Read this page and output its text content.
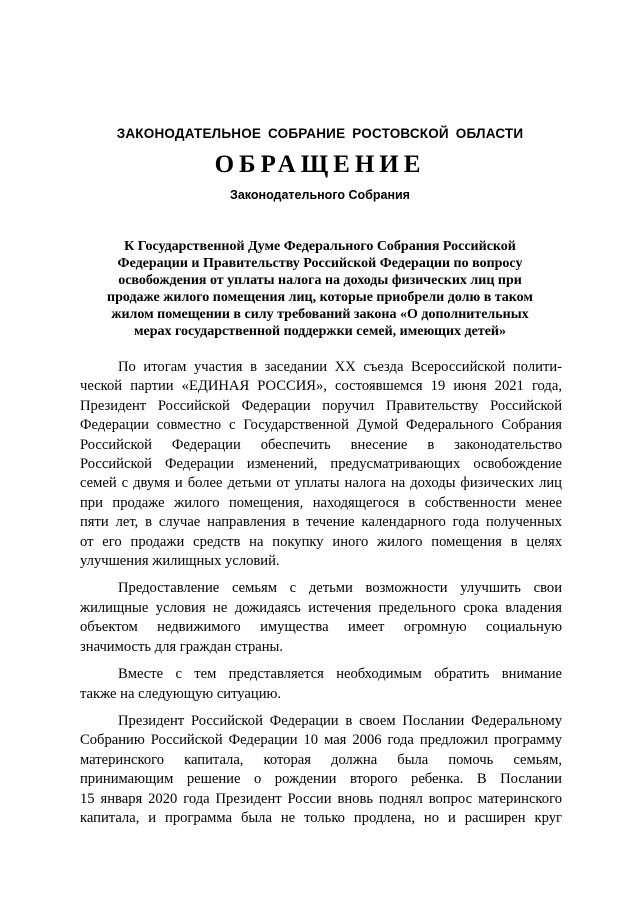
ЗАКОНОДАТЕЛЬНОЕ СОБРАНИЕ РОСТОВСКОЙ ОБЛАСТИ
ОБРАЩЕНИЕ
Законодательного Собрания
К Государственной Думе Федерального Собрания Российской
Федерации и Правительству Российской Федерации по вопросу
освобождения от уплаты налога на доходы физических лиц при
продаже жилого помещения лиц, которые приобрели долю в таком
жилом помещении в силу требований закона «О дополнительных
мерах государственной поддержки семей, имеющих детей»
По итогам участия в заседании XX съезда Всероссийской полити-
ческой партии «ЕДИНАЯ РОССИЯ», состоявшемся 19 июня 2021 года,
Президент Российской Федерации поручил Правительству Российской
Федерации совместно с Государственной Думой Федерального Собрания
Российской Федерации обеспечить внесение в законодательство
Российской Федерации изменений, предусматривающих освобождение
семей с двумя и более детьми от уплаты налога на доходы физических лиц
при продаже жилого помещения, находящегося в собственности менее
пяти лет, в случае направления в течение календарного года полученных
от его продажи средств на покупку иного жилого помещения в целях
улучшения жилищных условий.
Предоставление семьям с детьми возможности улучшить свои
жилищные условия не дожидаясь истечения предельного срока владения
объектом недвижимого имущества имеет огромную социальную
значимость для граждан страны.
Вместе с тем представляется необходимым обратить внимание
также на следующую ситуацию.
Президент Российской Федерации в своем Послании Федеральному
Собранию Российской Федерации 10 мая 2006 года предложил программу
материнского капитала, которая должна была помочь семьям,
принимающим решение о рождении второго ребенка. В Послании
15 января 2020 года Президент России вновь поднял вопрос материнского
капитала, и программа была не только продлена, но и расширен круг
